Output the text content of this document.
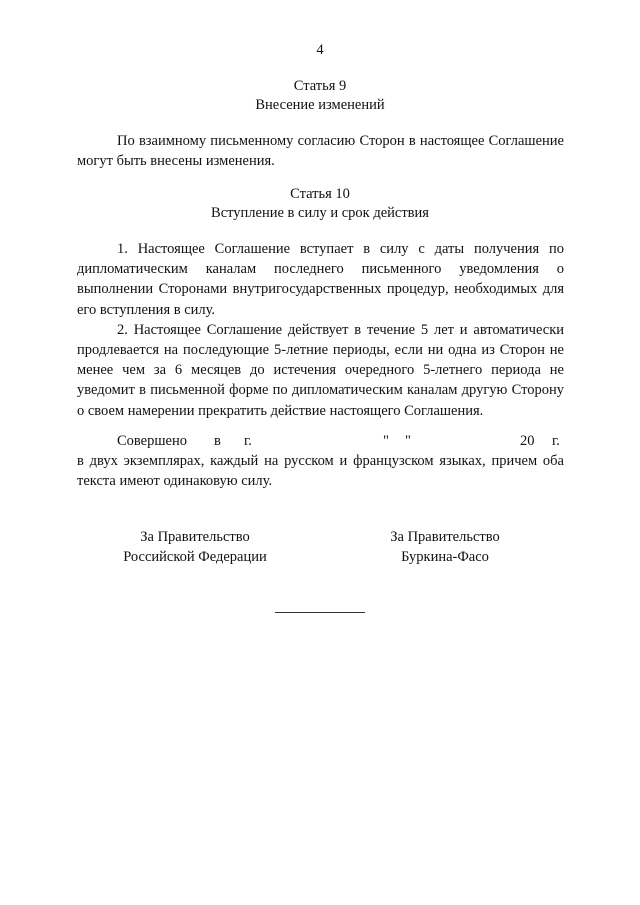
4
Статья 9
Внесение изменений

По взаимному письменному согласию Сторон в настоящее Соглашение могут быть внесены изменения.

Статья 10
Вступление в силу и срок действия

1. Настоящее Соглашение вступает в силу с даты получения по дипломатическим каналам последнего письменного уведомления о выполнении Сторонами внутригосударственных процедур, необходимых для его вступления в силу.

2. Настоящее Соглашение действует в течение 5 лет и автоматически продлевается на последующие 5-летние периоды, если ни одна из Сторон не менее чем за 6 месяцев до истечения очередного 5-летнего периода не уведомит в письменной форме по дипломатическим каналам другую Сторону о своем намерении прекратить действие настоящего Соглашения.

Совершено в г.	" "	20 г.

в двух экземплярах, каждый на русском и французском языках, причем оба текста имеют одинаковую силу.

За Правительство
Российской Федерации
За Правительство
Буркина-Фасо
